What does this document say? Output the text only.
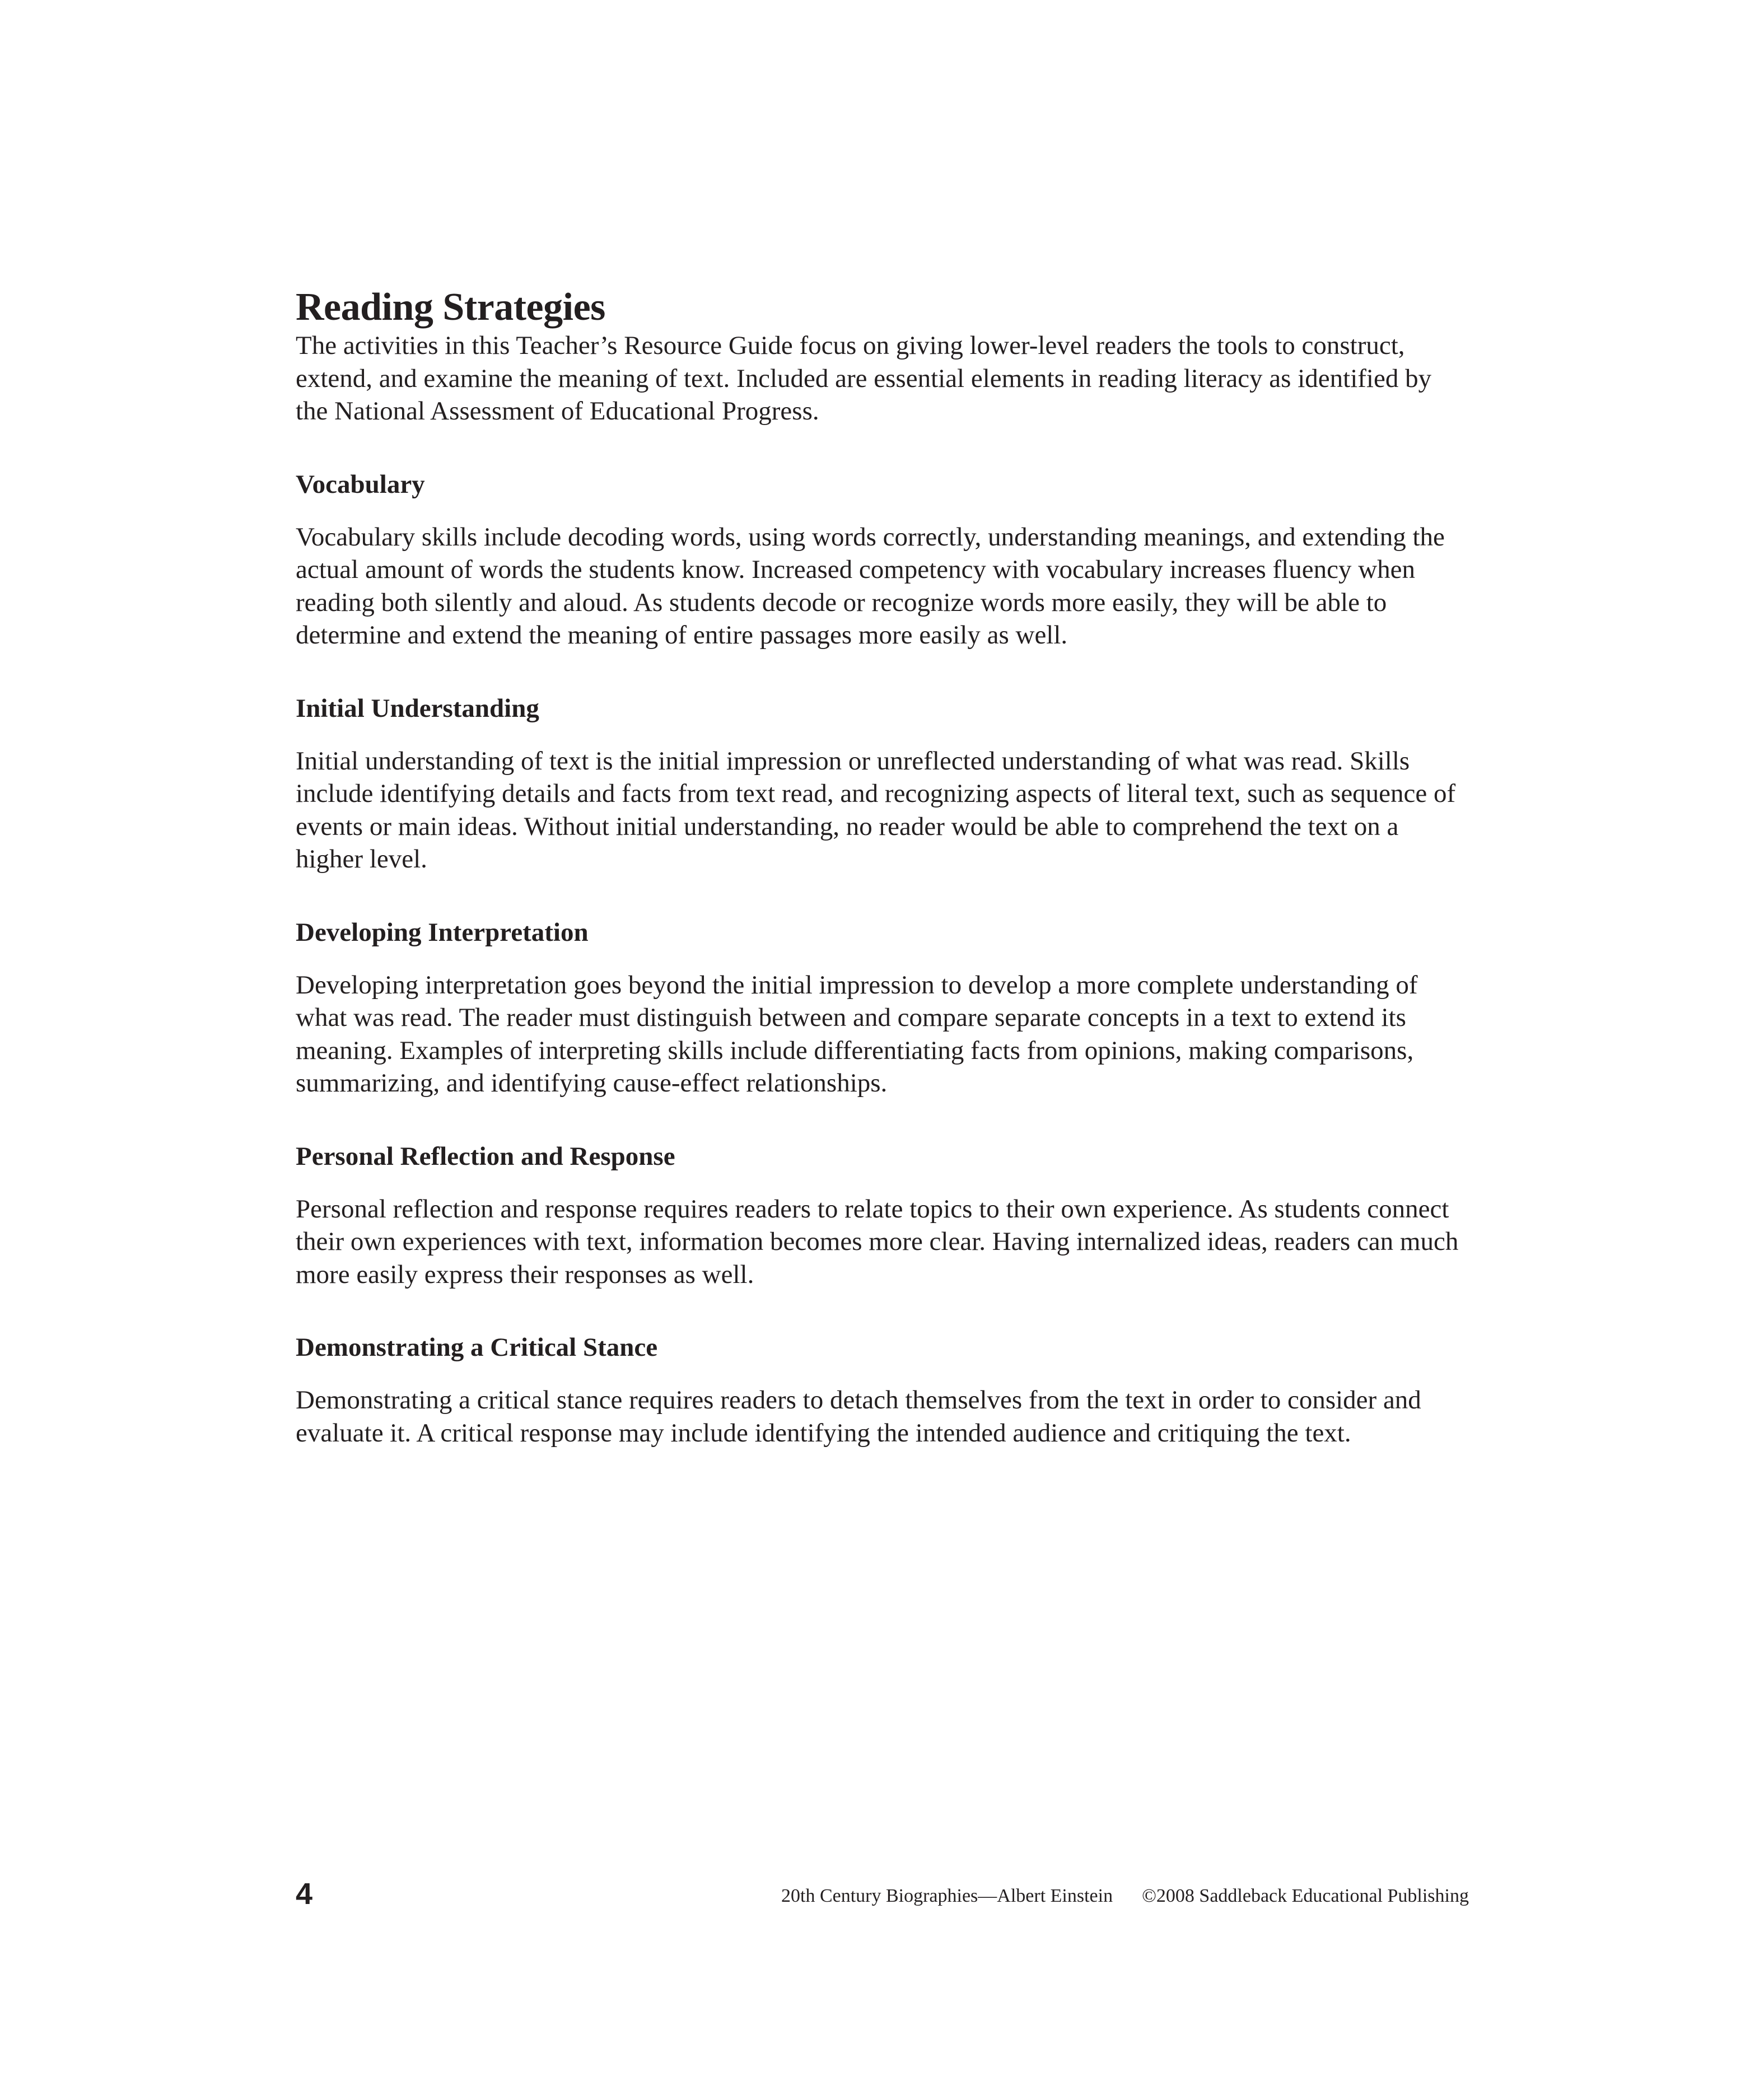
Reading Strategies

The activities in this Teacher’s Resource Guide focus on giving lower-level readers the tools to construct, extend, and examine the meaning of text. Included are essential elements in reading literacy as identified by the National Assessment of Educational Progress.

Vocabulary

Vocabulary skills include decoding words, using words correctly, understanding meanings, and extending the actual amount of words the students know. Increased competency with vocabulary increases fluency when reading both silently and aloud. As students decode or recognize words more easily, they will be able to determine and extend the meaning of entire passages more easily as well.

Initial Understanding

Initial understanding of text is the initial impression or unreflected understanding of what was read. Skills include identifying details and facts from text read, and recognizing aspects of literal text, such as sequence of events or main ideas. Without initial understanding, no reader would be able to comprehend the text on a higher level.

Developing Interpretation

Developing interpretation goes beyond the initial impression to develop a more complete understanding of what was read. The reader must distinguish between and compare separate concepts in a text to extend its meaning. Examples of interpreting skills include differentiating facts from opinions, making comparisons, summarizing, and identifying cause-effect relationships.

Personal Reflection and Response

Personal reflection and response requires readers to relate topics to their own experience. As students connect their own experiences with text, information becomes more clear. Having internalized ideas, readers can much more easily express their responses as well.

Demonstrating a Critical Stance

Demonstrating a critical stance requires readers to detach themselves from the text in order to consider and evaluate it. A critical response may include identifying the intended audience and critiquing the text.

4	20th Century Biographies—Albert Einstein ©2008 Saddleback Educational Publishing
